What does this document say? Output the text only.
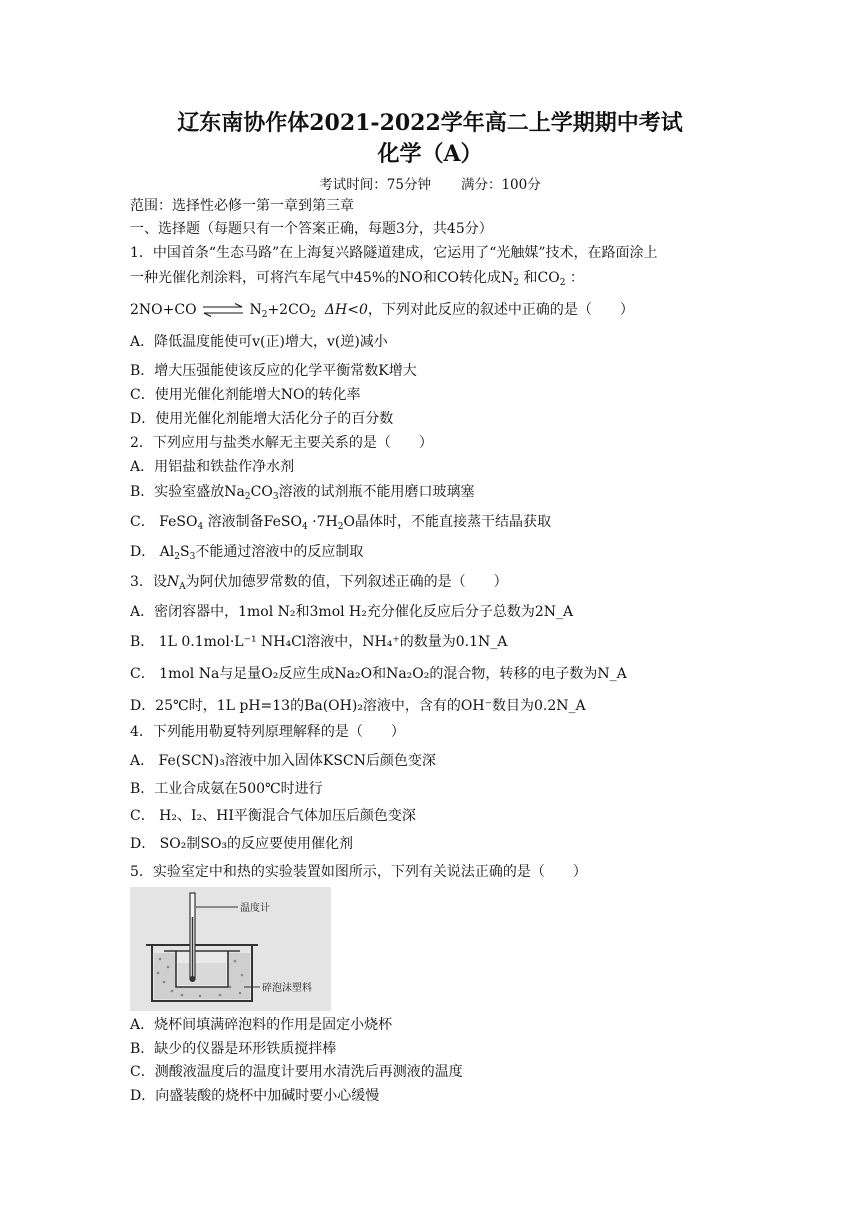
辽东南协作体2021-2022学年高二上学期期中考试
化学（A）
考试时间：75分钟 满分：100分
范围：选择性必修一第一章到第三章
一、选择题（每题只有一个答案正确，每题3分，共45分）
1．中国首条“生态马路”在上海复兴路隧道建成，它运用了“光触媒”技术，在路面涂上
一种光催化剂涂料，可将汽车尾气中45%的NO和CO转化成$N_2$ 和$CO_2$ ：
2NO+CO ⇌ $N_2+2CO_2$ ΔH<0，下列对此反应的叙述中正确的是（　　）
A．降低温度能使可v(正)增大，v(逆)减小
B．增大压强能使该反应的化学平衡常数K增大
C．使用光催化剂能增大NO的转化率
D．使用光催化剂能增大活化分子的百分数
2．下列应用与盐类水解无主要关系的是（　　）
A．用铝盐和铁盐作净水剂
B．实验室盛放$Na_2CO_3$溶液的试剂瓶不能用磨口玻璃塞
C． FeSO$_4$ 溶液制备FeSO$_4$ $\cdot 7H_2O$晶体时，不能直接蒸干结晶获取
D． $Al_2S_3$不能通过溶液中的反应制取
3．设$N_A$为阿伏加德罗常数的值，下列叙述正确的是（　　）
A．密闭容器中，1mol N₂和3mol H₂充分催化反应后分子总数为2N_A
B． 1L 0.1mol·L⁻¹ NH₄Cl溶液中，NH₄⁺的数量为0.1N_A
C． 1mol Na与足量O₂反应生成Na₂O和Na₂O₂的混合物，转移的电子数为N_A
D．25℃时，1L pH=13的Ba(OH)₂溶液中，含有的OH⁻数目为0.2N_A
4．下列能用勒夏特列原理解释的是（　　）
A． Fe(SCN)₃溶液中加入固体KSCN后颜色变深
B．工业合成氨在500℃时进行
C． H₂、I₂、HI平衡混合气体加压后颜色变深
D． SO₂制SO₃的反应要使用催化剂
5．实验室定中和热的实验装置如图所示，下列有关说法正确的是（　　）
温度计
碎泡沫塑料
A．烧杯间填满碎泡料的作用是固定小烧杯
B．缺少的仪器是环形铁质搅拌棒
C．测酸液温度后的温度计要用水清洗后再测液的温度
D．向盛装酸的烧杯中加碱时要小心缓慢
